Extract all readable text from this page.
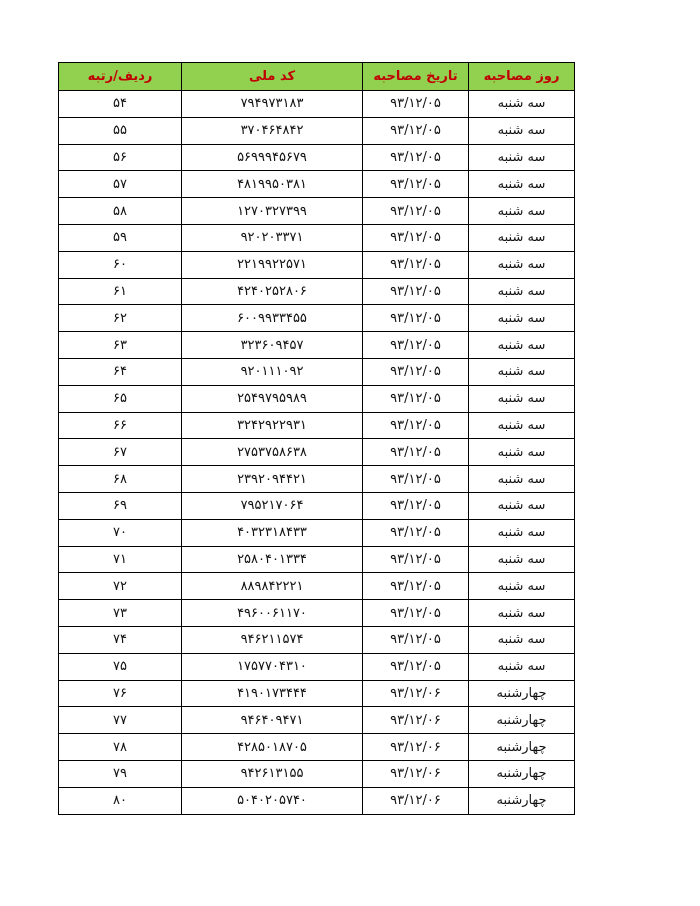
ردیف/رتبه	کد ملی	تاریخ مصاحبه	روز مصاحبه
۵۴	۷۹۴۹۷۳۱۸۳	۹۳/۱۲/۰۵	سه شنبه
۵۵	۳۷۰۴۶۴۸۴۲	۹۳/۱۲/۰۵	سه شنبه
۵۶	۵۶۹۹۹۴۵۶۷۹	۹۳/۱۲/۰۵	سه شنبه
۵۷	۴۸۱۹۹۵۰۳۸۱	۹۳/۱۲/۰۵	سه شنبه
۵۸	۱۲۷۰۳۲۷۳۹۹	۹۳/۱۲/۰۵	سه شنبه
۵۹	۹۲۰۲۰۳۳۷۱	۹۳/۱۲/۰۵	سه شنبه
۶۰	۲۲۱۹۹۲۲۵۷۱	۹۳/۱۲/۰۵	سه شنبه
۶۱	۴۲۴۰۲۵۲۸۰۶	۹۳/۱۲/۰۵	سه شنبه
۶۲	۶۰۰۹۹۳۳۴۵۵	۹۳/۱۲/۰۵	سه شنبه
۶۳	۳۲۳۶۰۹۴۵۷	۹۳/۱۲/۰۵	سه شنبه
۶۴	۹۲۰۱۱۱۰۹۲	۹۳/۱۲/۰۵	سه شنبه
۶۵	۲۵۴۹۷۹۵۹۸۹	۹۳/۱۲/۰۵	سه شنبه
۶۶	۳۲۴۲۹۲۲۹۳۱	۹۳/۱۲/۰۵	سه شنبه
۶۷	۲۷۵۳۷۵۸۶۳۸	۹۳/۱۲/۰۵	سه شنبه
۶۸	۲۳۹۲۰۹۴۴۲۱	۹۳/۱۲/۰۵	سه شنبه
۶۹	۷۹۵۲۱۷۰۶۴	۹۳/۱۲/۰۵	سه شنبه
۷۰	۴۰۳۲۳۱۸۴۳۳	۹۳/۱۲/۰۵	سه شنبه
۷۱	۲۵۸۰۴۰۱۳۳۴	۹۳/۱۲/۰۵	سه شنبه
۷۲	۸۸۹۸۴۲۲۲۱	۹۳/۱۲/۰۵	سه شنبه
۷۳	۴۹۶۰۰۶۱۱۷۰	۹۳/۱۲/۰۵	سه شنبه
۷۴	۹۴۶۲۱۱۵۷۴	۹۳/۱۲/۰۵	سه شنبه
۷۵	۱۷۵۷۷۰۴۳۱۰	۹۳/۱۲/۰۵	سه شنبه
۷۶	۴۱۹۰۱۷۳۴۴۴	۹۳/۱۲/۰۶	چهارشنبه
۷۷	۹۴۶۴۰۹۴۷۱	۹۳/۱۲/۰۶	چهارشنبه
۷۸	۴۲۸۵۰۱۸۷۰۵	۹۳/۱۲/۰۶	چهارشنبه
۷۹	۹۴۲۶۱۳۱۵۵	۹۳/۱۲/۰۶	چهارشنبه
۸۰	۵۰۴۰۲۰۵۷۴۰	۹۳/۱۲/۰۶	چهارشنبه
